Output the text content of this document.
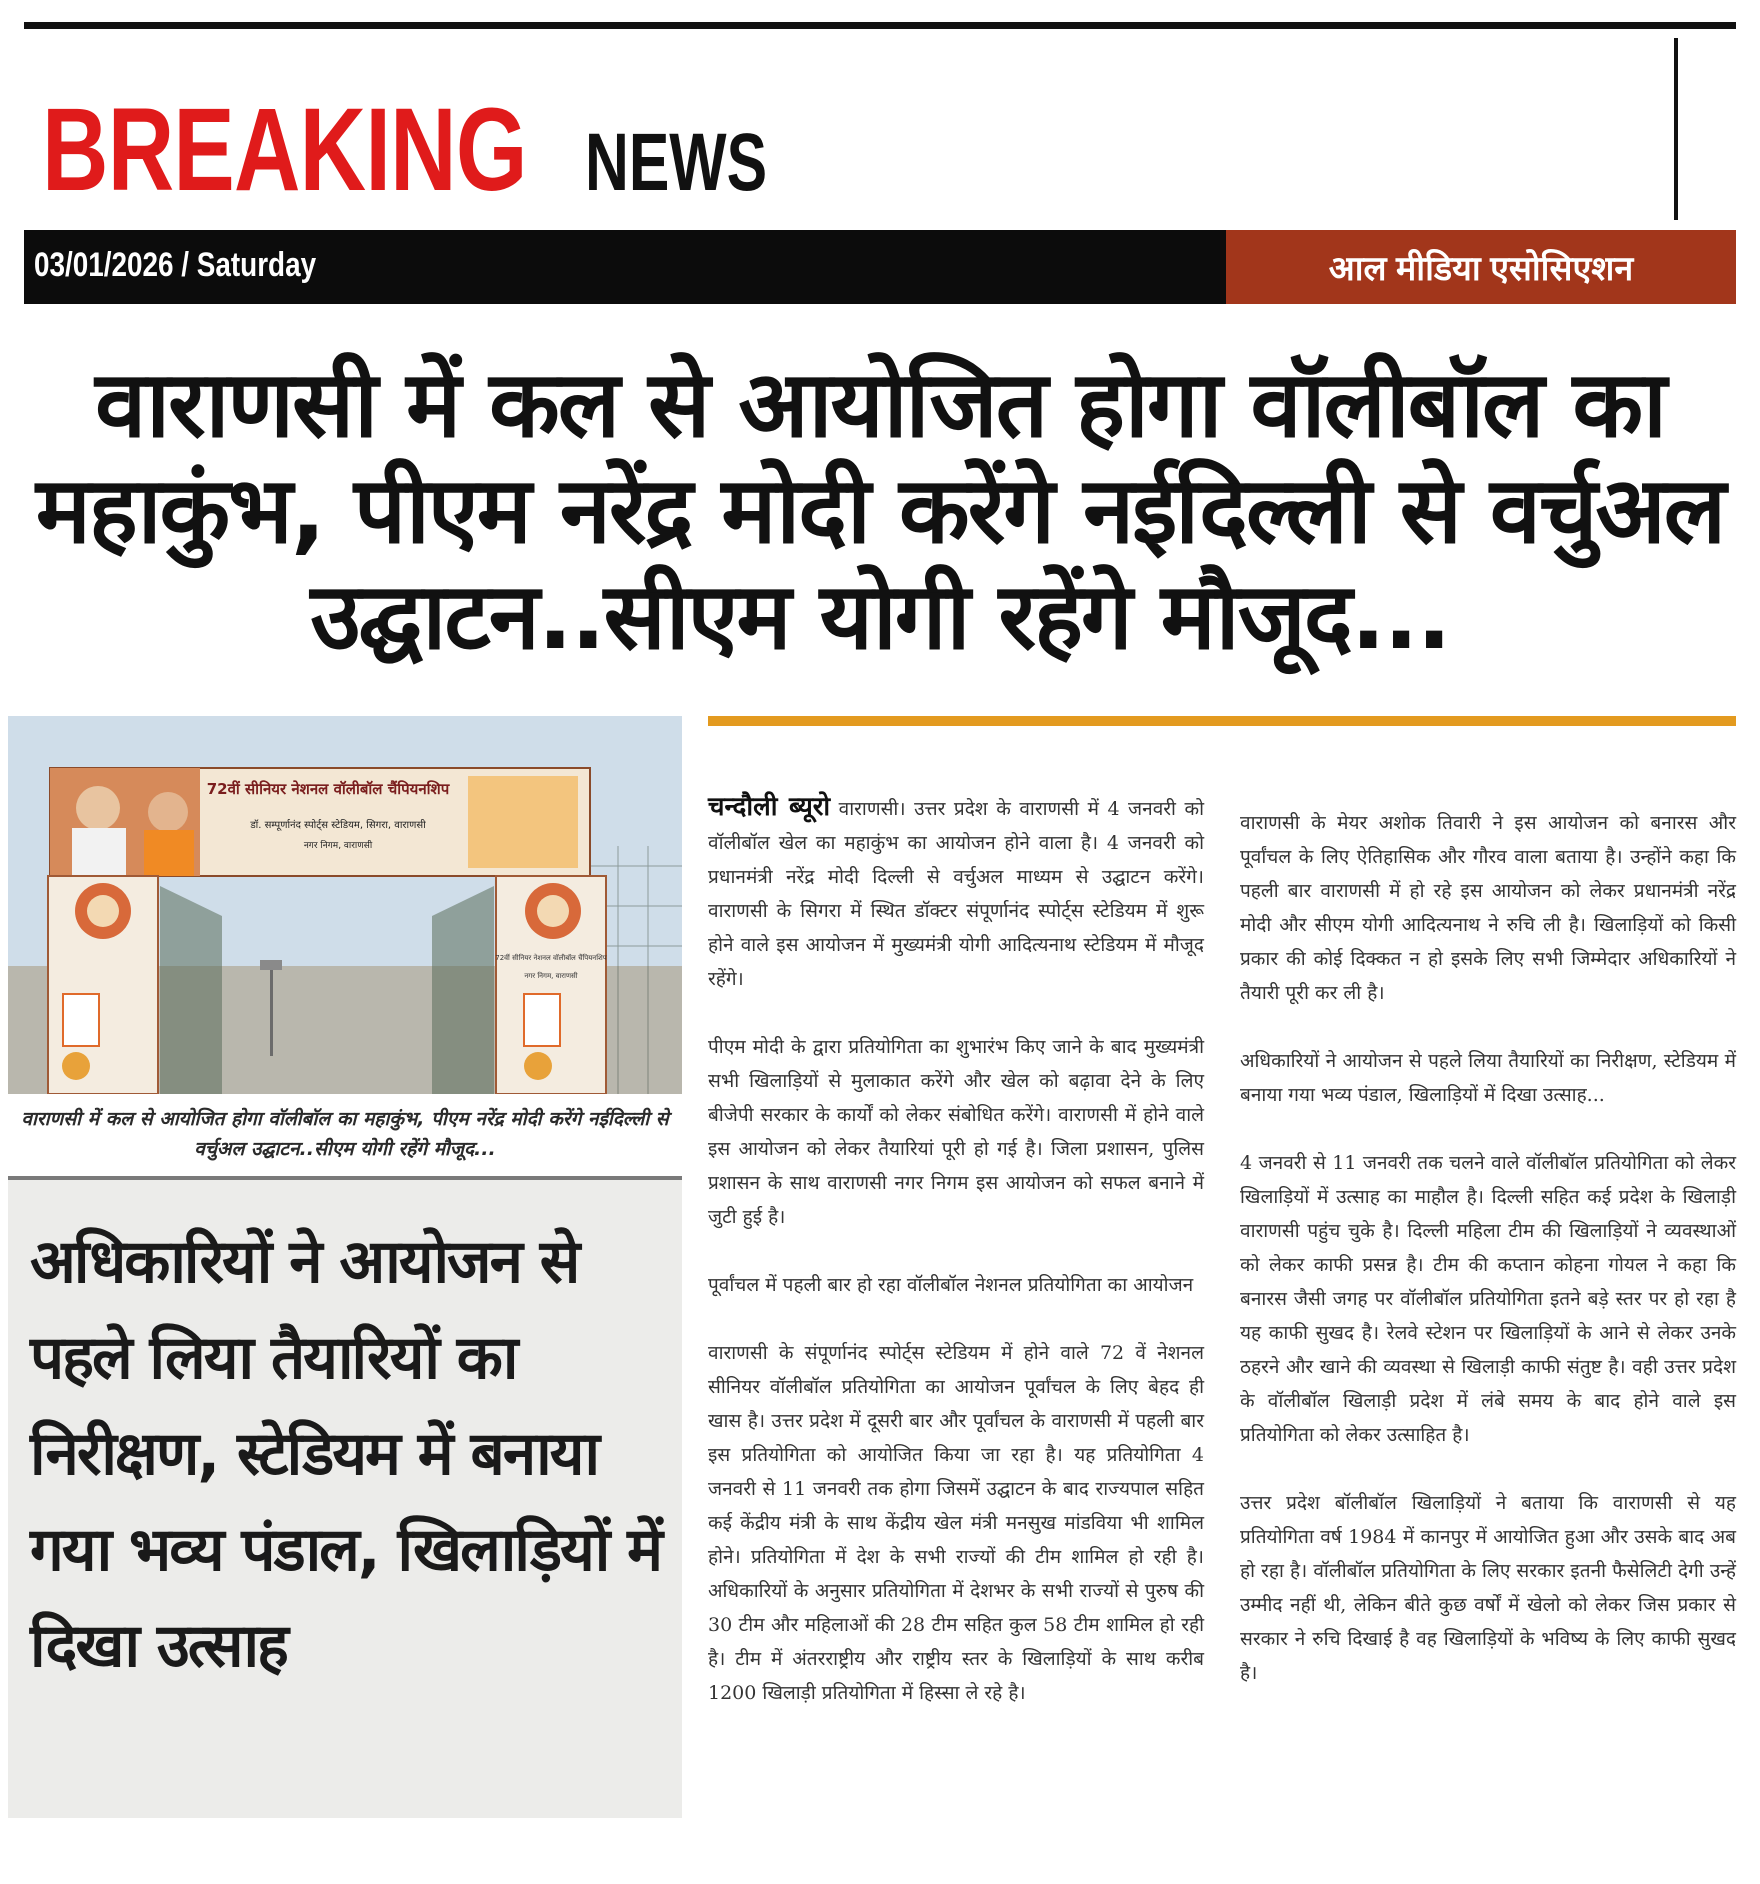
BREAKING NEWS
03/01/2026 / Saturday	आल मीडिया एसोसिएशन
वाराणसी में कल से आयोजित होगा वॉलीबॉल का महाकुंभ, पीएम नरेंद्र मोदी करेंगे नईदिल्ली से वर्चुअल उद्घाटन..सीएम योगी रहेंगे मौजूद...
72वीं सीनियर नेशनल वॉलीबॉल चैंपियनशिप
डॉ. सम्पूर्णानंद स्पोर्ट्स स्टेडियम, सिगरा, वाराणसी
नगर निगम, वाराणसी
72वीं सीनियर नेशनल वॉलीबॉल चैंपियनशिप
नगर निगम, वाराणसी

वाराणसी में कल से आयोजित होगा वॉलीबॉल का महाकुंभ, पीएम नरेंद्र मोदी करेंगे नईदिल्ली से वर्चुअल उद्घाटन..सीएम योगी रहेंगे मौजूद...

अधिकारियों ने आयोजन से पहले लिया तैयारियों का निरीक्षण, स्टेडियम में बनाया गया भव्य पंडाल, खिलाड़ियों में दिखा उत्साह

चन्दौली ब्यूरो वाराणसी। उत्तर प्रदेश के वाराणसी में 4 जनवरी को वॉलीबॉल खेल का महाकुंभ का आयोजन होने वाला है। 4 जनवरी को प्रधानमंत्री नरेंद्र मोदी दिल्ली से वर्चुअल माध्यम से उद्घाटन करेंगे। वाराणसी के सिगरा में स्थित डॉक्टर संपूर्णानंद स्पोर्ट्स स्टेडियम में शुरू होने वाले इस आयोजन में मुख्यमंत्री योगी आदित्यनाथ स्टेडियम में मौजूद रहेंगे।

पीएम मोदी के द्वारा प्रतियोगिता का शुभारंभ किए जाने के बाद मुख्यमंत्री सभी खिलाड़ियों से मुलाकात करेंगे और खेल को बढ़ावा देने के लिए बीजेपी सरकार के कार्यों को लेकर संबोधित करेंगे। वाराणसी में होने वाले इस आयोजन को लेकर तैयारियां पूरी हो गई है। जिला प्रशासन, पुलिस प्रशासन के साथ वाराणसी नगर निगम इस आयोजन को सफल बनाने में जुटी हुई है।

पूर्वांचल में पहली बार हो रहा वॉलीबॉल नेशनल प्रतियोगिता का आयोजन

वाराणसी के संपूर्णानंद स्पोर्ट्स स्टेडियम में होने वाले 72 वें नेशनल सीनियर वॉलीबॉल प्रतियोगिता का आयोजन पूर्वांचल के लिए बेहद ही खास है। उत्तर प्रदेश में दूसरी बार और पूर्वांचल के वाराणसी में पहली बार इस प्रतियोगिता को आयोजित किया जा रहा है। यह प्रतियोगिता 4 जनवरी से 11 जनवरी तक होगा जिसमें उद्घाटन के बाद राज्यपाल सहित कई केंद्रीय मंत्री के साथ केंद्रीय खेल मंत्री मनसुख मांडविया भी शामिल होने। प्रतियोगिता में देश के सभी राज्यों की टीम शामिल हो रही है। अधिकारियों के अनुसार प्रतियोगिता में देशभर के सभी राज्यों से पुरुष की 30 टीम और महिलाओं की 28 टीम सहित कुल 58 टीम शामिल हो रही है। टीम में अंतरराष्ट्रीय और राष्ट्रीय स्तर के खिलाड़ियों के साथ करीब 1200 खिलाड़ी प्रतियोगिता में हिस्सा ले रहे है।

वाराणसी के मेयर अशोक तिवारी ने इस आयोजन को बनारस और पूर्वांचल के लिए ऐतिहासिक और गौरव वाला बताया है। उन्होंने कहा कि पहली बार वाराणसी में हो रहे इस आयोजन को लेकर प्रधानमंत्री नरेंद्र मोदी और सीएम योगी आदित्यनाथ ने रुचि ली है। खिलाड़ियों को किसी प्रकार की कोई दिक्कत न हो इसके लिए सभी जिम्मेदार अधिकारियों ने तैयारी पूरी कर ली है।

अधिकारियों ने आयोजन से पहले लिया तैयारियों का निरीक्षण, स्टेडियम में बनाया गया भव्य पंडाल, खिलाड़ियों में दिखा उत्साह...

4 जनवरी से 11 जनवरी तक चलने वाले वॉलीबॉल प्रतियोगिता को लेकर खिलाड़ियों में उत्साह का माहौल है। दिल्ली सहित कई प्रदेश के खिलाड़ी वाराणसी पहुंच चुके है। दिल्ली महिला टीम की खिलाड़ियों ने व्यवस्थाओं को लेकर काफी प्रसन्न है। टीम की कप्तान कोहना गोयल ने कहा कि बनारस जैसी जगह पर वॉलीबॉल प्रतियोगिता इतने बड़े स्तर पर हो रहा है यह काफी सुखद है। रेलवे स्टेशन पर खिलाड़ियों के आने से लेकर उनके ठहरने और खाने की व्यवस्था से खिलाड़ी काफी संतुष्ट है। वही उत्तर प्रदेश के वॉलीबॉल खिलाड़ी प्रदेश में लंबे समय के बाद होने वाले इस प्रतियोगिता को लेकर उत्साहित है।

उत्तर प्रदेश बॉलीबॉल खिलाड़ियों ने बताया कि वाराणसी से यह प्रतियोगिता वर्ष 1984 में कानपुर में आयोजित हुआ और उसके बाद अब हो रहा है। वॉलीबॉल प्रतियोगिता के लिए सरकार इतनी फैसेलिटी देगी उन्हें उम्मीद नहीं थी, लेकिन बीते कुछ वर्षों में खेलो को लेकर जिस प्रकार से सरकार ने रुचि दिखाई है वह खिलाड़ियों के भविष्य के लिए काफी सुखद है।
